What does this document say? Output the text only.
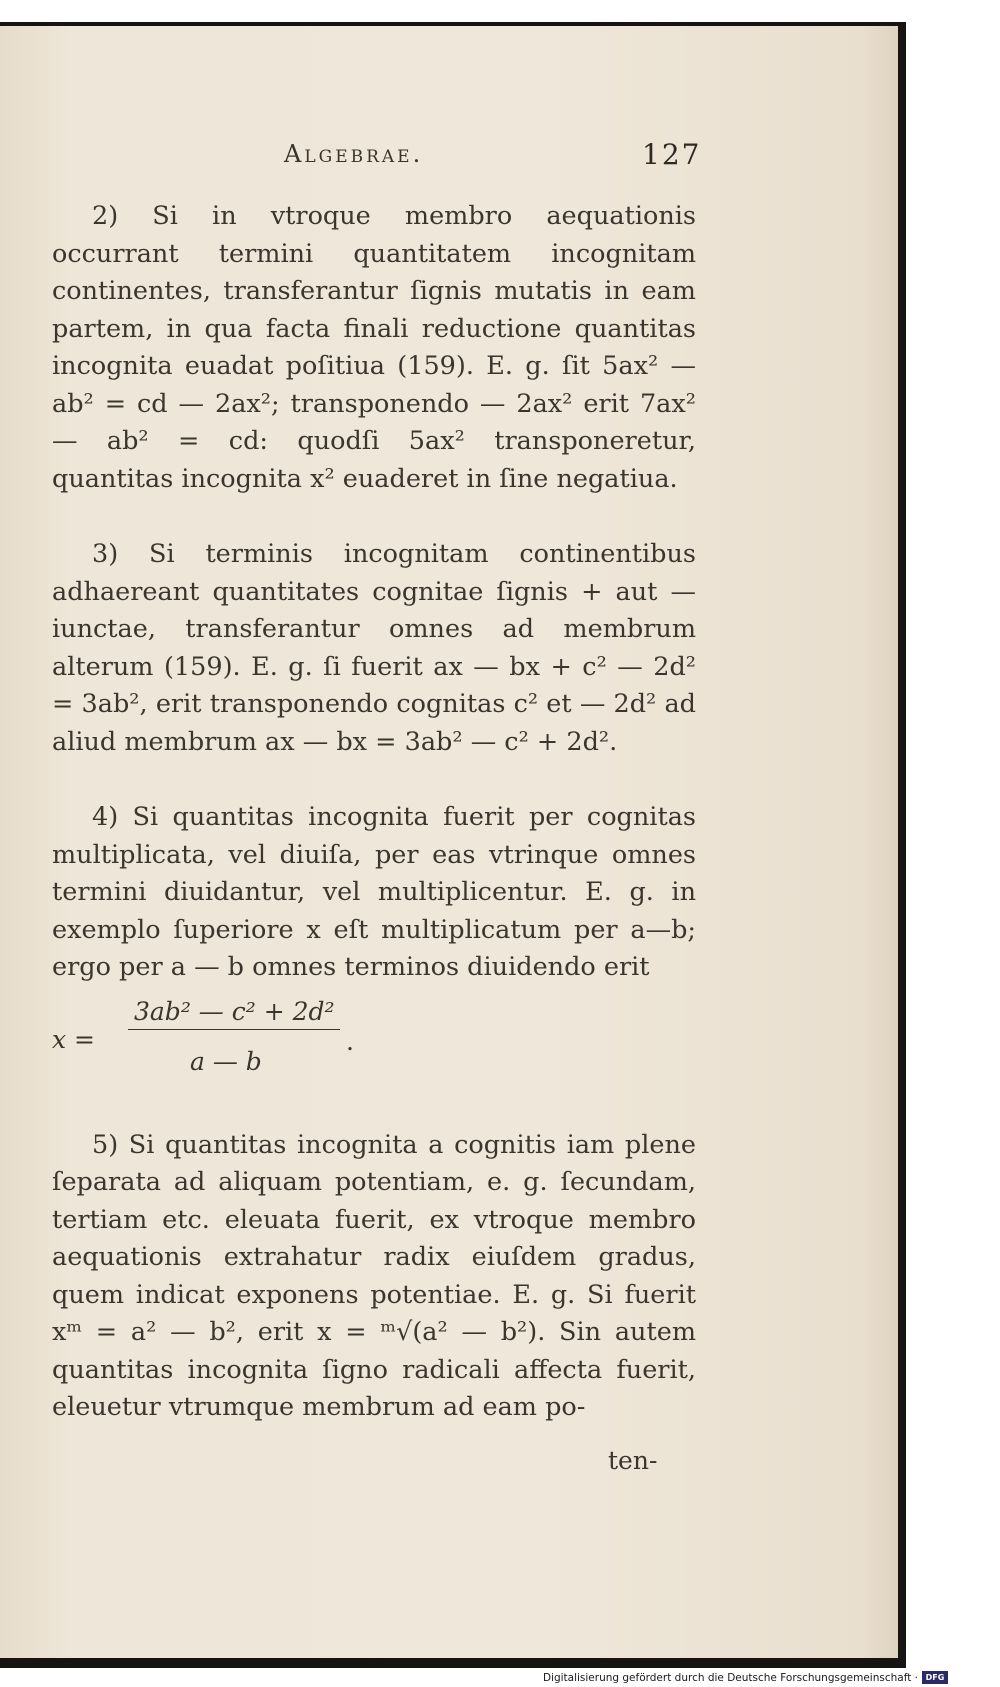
Algebrae.	127

2) Si in vtroque membro aequationis occurrant termini quantitatem incognitam continentes, transferantur ſignis mutatis in eam partem, in qua facta finali reductione quantitas incognita euadat poſitiua (159). E. g. ſit 5ax² — ab² = cd — 2ax²; transponendo — 2ax² erit 7ax² — ab² = cd: quodſi 5ax² transponeretur, quantitas incognita x² euaderet in ſine negatiua.

3) Si terminis incognitam continentibus adhaereant quantitates cognitae ſignis + aut — iunctae, transferantur omnes ad membrum alterum (159). E. g. ſi fuerit ax — bx + c² — 2d² = 3ab², erit transponendo cognitas c² et — 2d² ad aliud membrum ax — bx = 3ab² — c² + 2d².

4) Si quantitas incognita fuerit per cognitas multiplicata, vel diuiſa, per eas vtrinque omnes termini diuidantur, vel multiplicentur. E. g. in exemplo ſuperiore x eſt multiplicatum per a—b; ergo per a — b omnes terminos diuidendo erit

x =
3ab² — c² + 2d²
a — b
.

5) Si quantitas incognita a cognitis iam plene ſeparata ad aliquam potentiam, e. g. ſecundam, tertiam etc. eleuata fuerit, ex vtroque membro aequationis extrahatur radix eiuſdem gradus, quem indicat exponens potentiae. E. g. Si fuerit xᵐ = a² — b², erit x = ᵐ√(a² — b²). Sin autem quantitas incognita ſigno radicali affecta fuerit, eleuetur vtrumque membrum ad eam po-

ten-
Digitalisierung gefördert durch die Deutsche Forschungsgemeinschaft · DFG
